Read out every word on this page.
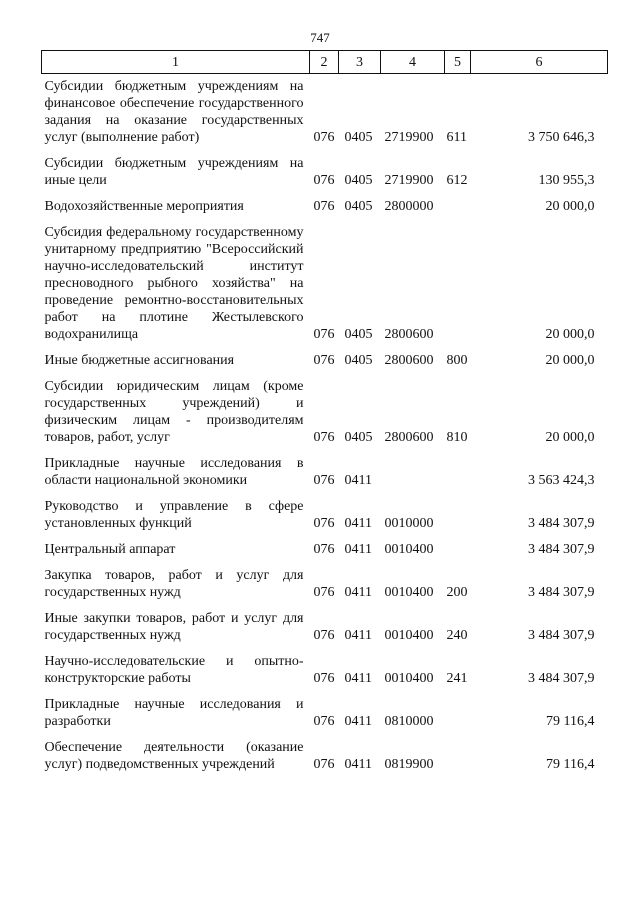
747
1	2	3	4	5	6
Субсидии бюджетным учреждениям на финансовое обеспечение государственного задания на оказание государственных услуг (выполнение работ)	076	0405	2719900	611	3 750 646,3
Субсидии бюджетным учреждениям на иные цели	076	0405	2719900	612	130 955,3
Водохозяйственные мероприятия	076	0405	2800000		20 000,0
Субсидия федеральному государственному унитарному предприятию "Всероссийский научно-исследовательский институт пресноводного рыбного хозяйства" на проведение ремонтно-восстановительных работ на плотине Жестылевского водохранилища	076	0405	2800600		20 000,0
Иные бюджетные ассигнования	076	0405	2800600	800	20 000,0
Субсидии юридическим лицам (кроме государственных учреждений) и физическим лицам - производителям товаров, работ, услуг	076	0405	2800600	810	20 000,0
Прикладные научные исследования в области национальной экономики	076	0411			3 563 424,3
Руководство и управление в сфере установленных функций	076	0411	0010000		3 484 307,9
Центральный аппарат	076	0411	0010400		3 484 307,9
Закупка товаров, работ и услуг для государственных нужд	076	0411	0010400	200	3 484 307,9
Иные закупки товаров, работ и услуг для государственных нужд	076	0411	0010400	240	3 484 307,9
Научно-исследовательские и опытно-конструкторские работы	076	0411	0010400	241	3 484 307,9
Прикладные научные исследования и разработки	076	0411	0810000		79 116,4
Обеспечение деятельности (оказание услуг) подведомственных учреждений	076	0411	0819900		79 116,4
